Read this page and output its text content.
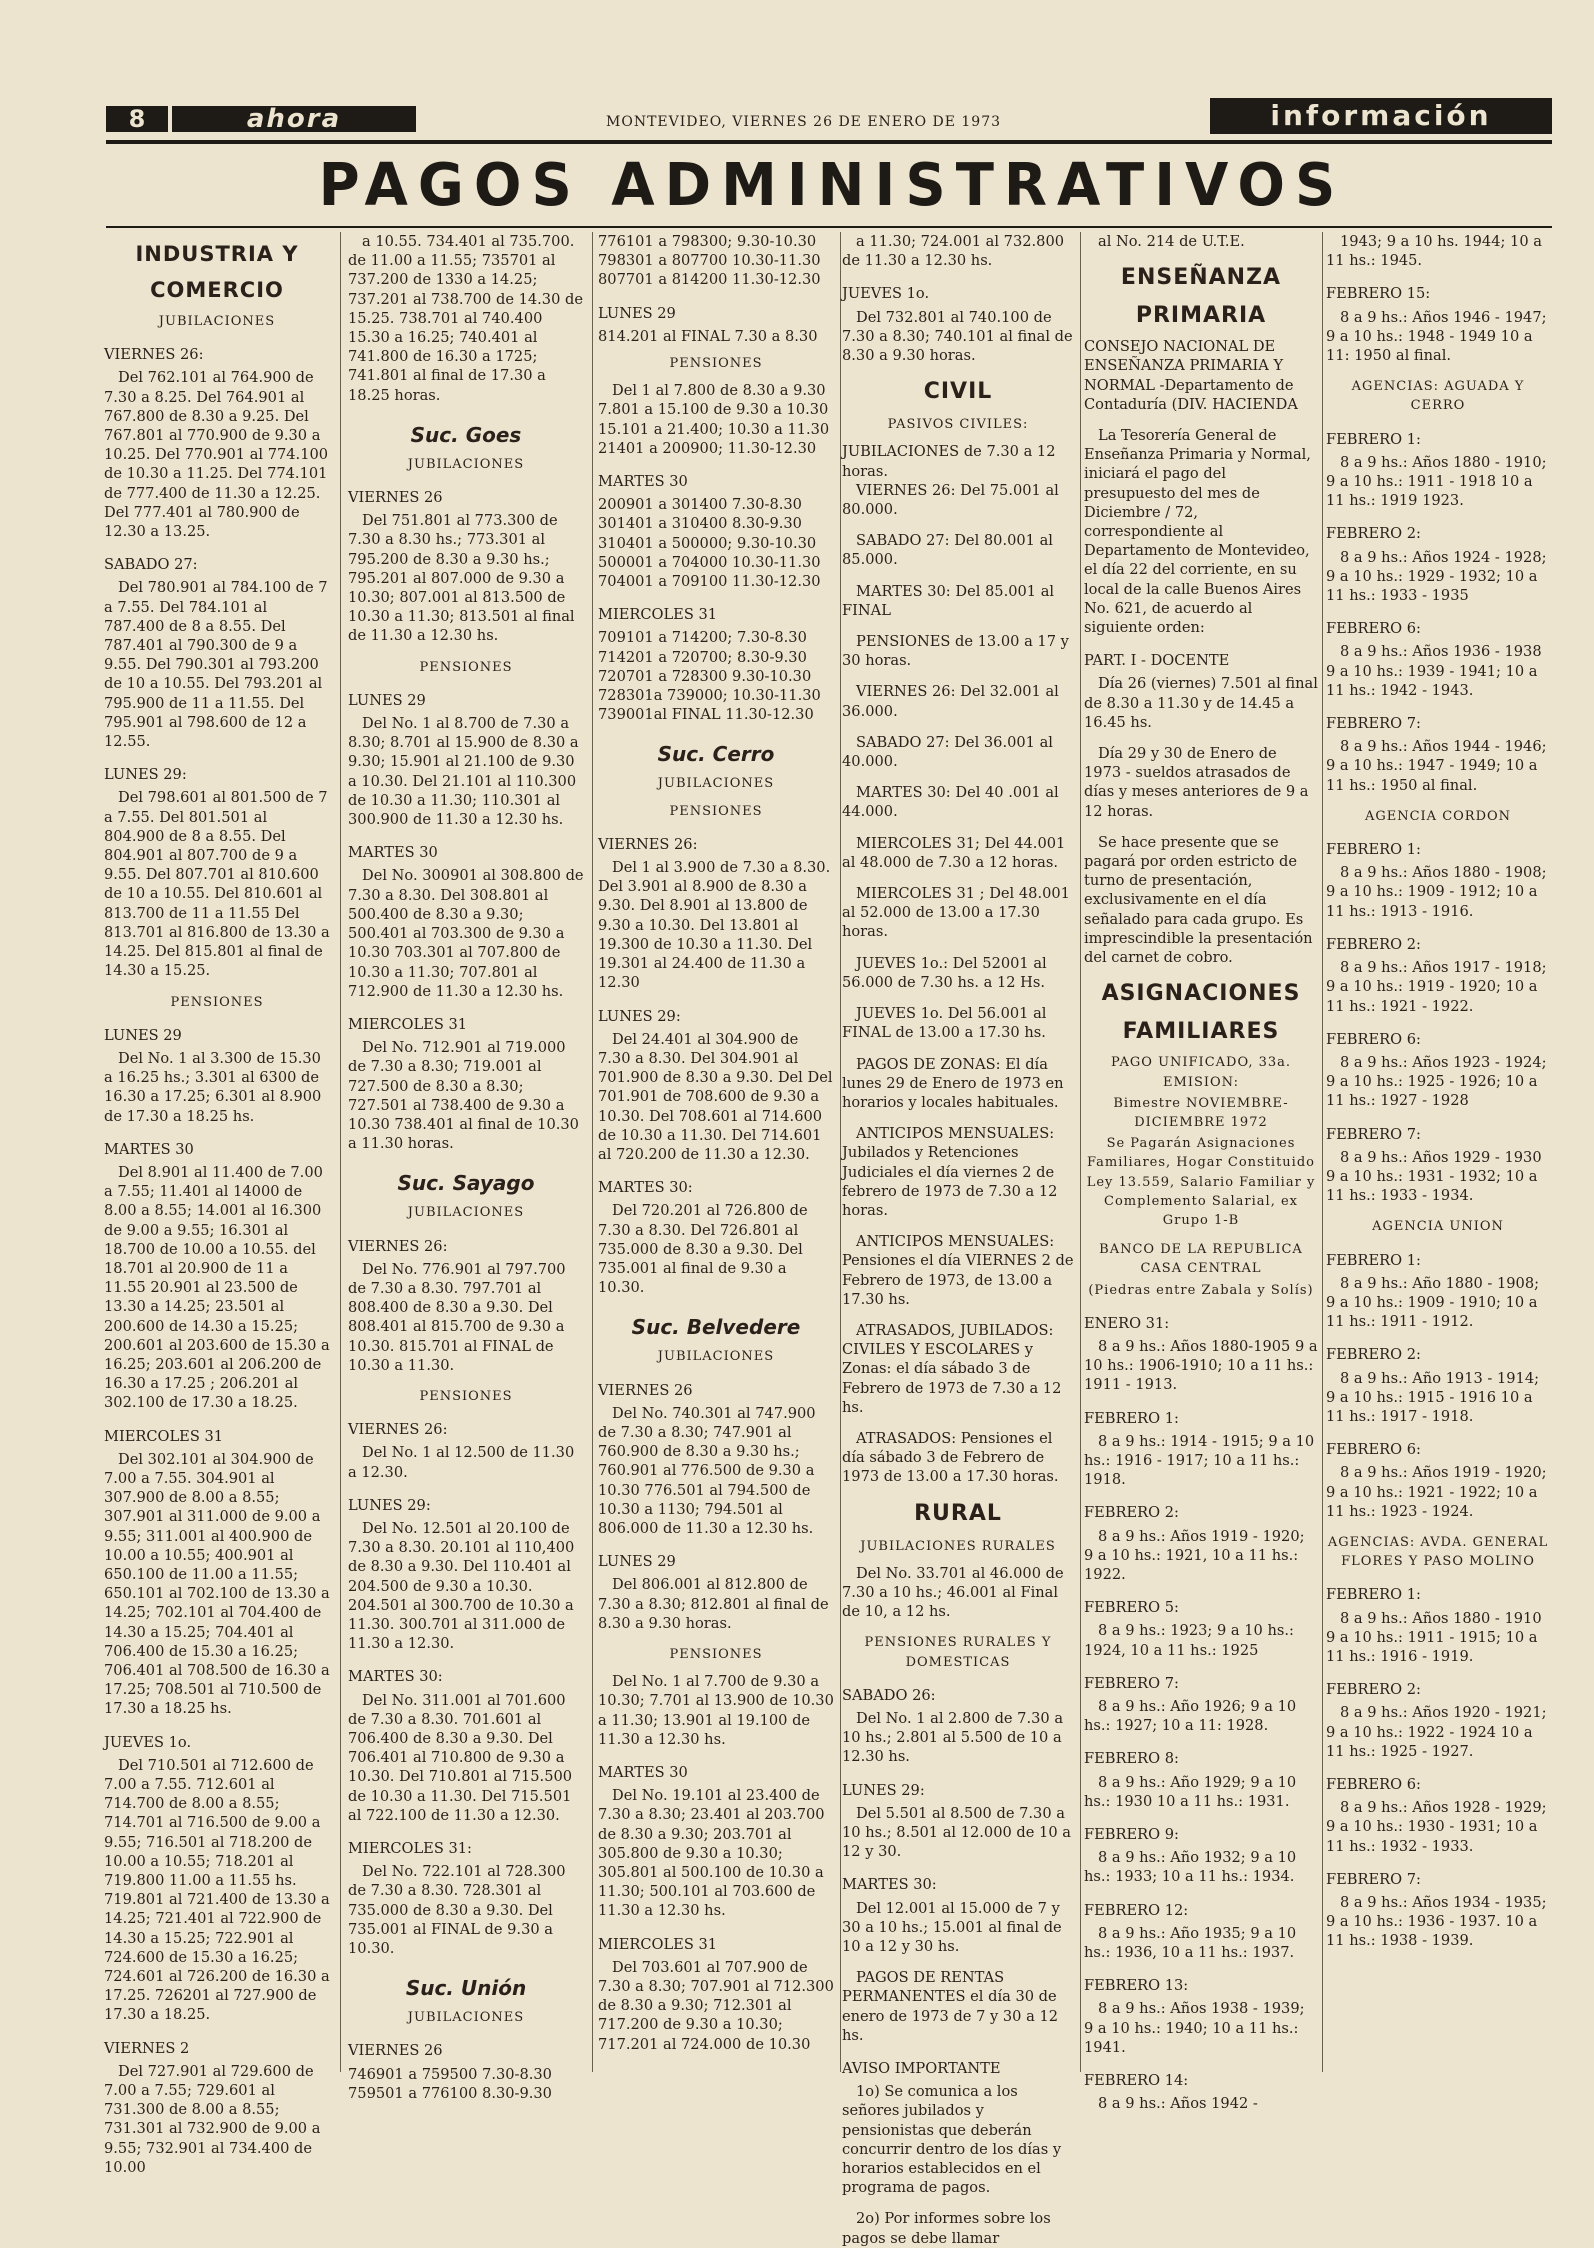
8	ahora	MONTEVIDEO, VIERNES 26 DE ENERO DE 1973	información
PAGOS ADMINISTRATIVOS

INDUSTRIA Y

COMERCIO

JUBILACIONES

VIERNES 26:

Del 762.101 al 764.900 de 7.30 a 8.25. Del 764.901 al 767.800 de 8.30 a 9.25. Del 767.801 al 770.900 de 9.30 a 10.25. Del 770.901 al 774.100 de 10.30 a 11.25. Del 774.101 de 777.400 de 11.30 a 12.25. Del 777.401 al 780.900 de 12.30 a 13.25.

SABADO 27:

Del 780.901 al 784.100 de 7 a 7.55. Del 784.101 al 787.400 de 8 a 8.55. Del 787.401 al 790.300 de 9 a 9.55. Del 790.301 al 793.200 de 10 a 10.55. Del 793.201 al 795.900 de 11 a 11.55. Del 795.901 al 798.600 de 12 a 12.55.

LUNES 29:

Del 798.601 al 801.500 de 7 a 7.55. Del 801.501 al 804.900 de 8 a 8.55. Del 804.901 al 807.700 de 9 a 9.55. Del 807.701 al 810.600 de 10 a 10.55. Del 810.601 al 813.700 de 11 a 11.55 Del 813.701 al 816.800 de 13.30 a 14.25. Del 815.801 al final de 14.30 a 15.25.

PENSIONES

LUNES 29

Del No. 1 al 3.300 de 15.30 a 16.25 hs.; 3.301 al 6300 de 16.30 a 17.25; 6.301 al 8.900 de 17.30 a 18.25 hs.

MARTES 30

Del 8.901 al 11.400 de 7.00 a 7.55; 11.401 al 14000 de 8.00 a 8.55; 14.001 al 16.300 de 9.00 a 9.55; 16.301 al 18.700 de 10.00 a 10.55. del 18.701 al 20.900 de 11 a 11.55 20.901 al 23.500 de 13.30 a 14.25; 23.501 al 200.600 de 14.30 a 15.25; 200.601 al 203.600 de 15.30 a 16.25; 203.601 al 206.200 de 16.30 a 17.25 ; 206.201 al 302.100 de 17.30 a 18.25.

MIERCOLES 31

Del 302.101 al 304.900 de 7.00 a 7.55. 304.901 al 307.900 de 8.00 a 8.55; 307.901 al 311.000 de 9.00 a 9.55; 311.001 al 400.900 de 10.00 a 10.55; 400.901 al 650.100 de 11.00 a 11.55; 650.101 al 702.100 de 13.30 a 14.25; 702.101 al 704.400 de 14.30 a 15.25; 704.401 al 706.400 de 15.30 a 16.25; 706.401 al 708.500 de 16.30 a 17.25; 708.501 al 710.500 de 17.30 a 18.25 hs.

JUEVES 1o.

Del 710.501 al 712.600 de 7.00 a 7.55. 712.601 al 714.700 de 8.00 a 8.55; 714.701 al 716.500 de 9.00 a 9.55; 716.501 al 718.200 de 10.00 a 10.55; 718.201 al 719.800 11.00 a 11.55 hs. 719.801 al 721.400 de 13.30 a 14.25; 721.401 al 722.900 de 14.30 a 15.25; 722.901 al 724.600 de 15.30 a 16.25; 724.601 al 726.200 de 16.30 a 17.25. 726201 al 727.900 de 17.30 a 18.25.

VIERNES 2

Del 727.901 al 729.600 de 7.00 a 7.55; 729.601 al 731.300 de 8.00 a 8.55; 731.301 al 732.900 de 9.00 a 9.55; 732.901 al 734.400 de 10.00

a 10.55. 734.401 al 735.700. de 11.00 a 11.55; 735701 al 737.200 de 1330 a 14.25; 737.201 al 738.700 de 14.30 de 15.25. 738.701 al 740.400 15.30 a 16.25; 740.401 al 741.800 de 16.30 a 1725; 741.801 al final de 17.30 a 18.25 horas.

Suc. Goes

JUBILACIONES

VIERNES 26

Del 751.801 al 773.300 de 7.30 a 8.30 hs.; 773.301 al 795.200 de 8.30 a 9.30 hs.; 795.201 al 807.000 de 9.30 a 10.30; 807.001 al 813.500 de 10.30 a 11.30; 813.501 al final de 11.30 a 12.30 hs.

PENSIONES

LUNES 29

Del No. 1 al 8.700 de 7.30 a 8.30; 8.701 al 15.900 de 8.30 a 9.30; 15.901 al 21.100 de 9.30 a 10.30. Del 21.101 al 110.300 de 10.30 a 11.30; 110.301 al 300.900 de 11.30 a 12.30 hs.

MARTES 30

Del No. 300901 al 308.800 de 7.30 a 8.30. Del 308.801 al 500.400 de 8.30 a 9.30; 500.401 al 703.300 de 9.30 a 10.30 703.301 al 707.800 de 10.30 a 11.30; 707.801 al 712.900 de 11.30 a 12.30 hs.

MIERCOLES 31

Del No. 712.901 al 719.000 de 7.30 a 8.30; 719.001 al 727.500 de 8.30 a 8.30; 727.501 al 738.400 de 9.30 a 10.30 738.401 al final de 10.30 a 11.30 horas.

Suc. Sayago

JUBILACIONES

VIERNES 26:

Del No. 776.901 al 797.700 de 7.30 a 8.30. 797.701 al 808.400 de 8.30 a 9.30. Del 808.401 al 815.700 de 9.30 a 10.30. 815.701 al FINAL de 10.30 a 11.30.

PENSIONES

VIERNES 26:

Del No. 1 al 12.500 de 11.30 a 12.30.

LUNES 29:

Del No. 12.501 al 20.100 de 7.30 a 8.30. 20.101 al 110,400 de 8.30 a 9.30. Del 110.401 al 204.500 de 9.30 a 10.30. 204.501 al 300.700 de 10.30 a 11.30. 300.701 al 311.000 de 11.30 a 12.30.

MARTES 30:

Del No. 311.001 al 701.600 de 7.30 a 8.30. 701.601 al 706.400 de 8.30 a 9.30. Del 706.401 al 710.800 de 9.30 a 10.30. Del 710.801 al 715.500 de 10.30 a 11.30. Del 715.501 al 722.100 de 11.30 a 12.30.

MIERCOLES 31:

Del No. 722.101 al 728.300 de 7.30 a 8.30. 728.301 al 735.000 de 8.30 a 9.30. Del 735.001 al FINAL de 9.30 a 10.30.

Suc. Unión

JUBILACIONES

VIERNES 26

746901 a 759500 7.30-8.30

759501 a 776100 8.30-9.30

776101 a 798300; 9.30-10.30

798301 a 807700 10.30-11.30

807701 a 814200 11.30-12.30

LUNES 29

814.201 al FINAL 7.30 a 8.30

PENSIONES

Del 1 al 7.800 de 8.30 a 9.30 7.801 a 15.100 de 9.30 a 10.30 15.101 a 21.400; 10.30 a 11.30 21401 a 200900; 11.30-12.30

MARTES 30

200901 a 301400 7.30-8.30

301401 a 310400 8.30-9.30

310401 a 500000; 9.30-10.30

500001 a 704000 10.30-11.30

704001 a 709100 11.30-12.30

MIERCOLES 31

709101 a 714200; 7.30-8.30

714201 a 720700; 8.30-9.30

720701 a 728300 9.30-10.30

728301a 739000; 10.30-11.30

739001al FINAL 11.30-12.30

Suc. Cerro

JUBILACIONES

PENSIONES

VIERNES 26:

Del 1 al 3.900 de 7.30 a 8.30. Del 3.901 al 8.900 de 8.30 a 9.30. Del 8.901 al 13.800 de 9.30 a 10.30. Del 13.801 al 19.300 de 10.30 a 11.30. Del 19.301 al 24.400 de 11.30 a 12.30

LUNES 29:

Del 24.401 al 304.900 de 7.30 a 8.30. Del 304.901 al 701.900 de 8.30 a 9.30. Del Del 701.901 de 708.600 de 9.30 a 10.30. Del 708.601 al 714.600 de 10.30 a 11.30. Del 714.601 al 720.200 de 11.30 a 12.30.

MARTES 30:

Del 720.201 al 726.800 de 7.30 a 8.30. Del 726.801 al 735.000 de 8.30 a 9.30. Del 735.001 al final de 9.30 a 10.30.

Suc. Belvedere

JUBILACIONES

VIERNES 26

Del No. 740.301 al 747.900 de 7.30 a 8.30; 747.901 al 760.900 de 8.30 a 9.30 hs.; 760.901 al 776.500 de 9.30 a 10.30 776.501 al 794.500 de 10.30 a 1130; 794.501 al 806.000 de 11.30 a 12.30 hs.

LUNES 29

Del 806.001 al 812.800 de 7.30 a 8.30; 812.801 al final de 8.30 a 9.30 horas.

PENSIONES

Del No. 1 al 7.700 de 9.30 a 10.30; 7.701 al 13.900 de 10.30 a 11.30; 13.901 al 19.100 de 11.30 a 12.30 hs.

MARTES 30

Del No. 19.101 al 23.400 de 7.30 a 8.30; 23.401 al 203.700 de 8.30 a 9.30; 203.701 al 305.800 de 9.30 a 10.30; 305.801 al 500.100 de 10.30 a 11.30; 500.101 al 703.600 de 11.30 a 12.30 hs.

MIERCOLES 31

Del 703.601 al 707.900 de 7.30 a 8.30; 707.901 al 712.300 de 8.30 a 9.30; 712.301 al 717.200 de 9.30 a 10.30; 717.201 al 724.000 de 10.30

a 11.30; 724.001 al 732.800 de 11.30 a 12.30 hs.

JUEVES 1o.

Del 732.801 al 740.100 de 7.30 a 8.30; 740.101 al final de 8.30 a 9.30 horas.

CIVIL

PASIVOS CIVILES:

JUBILACIONES de 7.30 a 12 horas.

VIERNES 26: Del 75.001 al 80.000.

SABADO 27: Del 80.001 al 85.000.

MARTES 30: Del 85.001 al FINAL

PENSIONES de 13.00 a 17 y 30 horas.

VIERNES 26: Del 32.001 al 36.000.

SABADO 27: Del 36.001 al 40.000.

MARTES 30: Del 40 .001 al 44.000.

MIERCOLES 31; Del 44.001 al 48.000 de 7.30 a 12 horas.

MIERCOLES 31 ; Del 48.001 al 52.000 de 13.00 a 17.30 horas.

JUEVES 1o.: Del 52001 al 56.000 de 7.30 hs. a 12 Hs.

JUEVES 1o. Del 56.001 al FINAL de 13.00 a 17.30 hs.

PAGOS DE ZONAS: El día lunes 29 de Enero de 1973 en horarios y locales habituales.

ANTICIPOS MENSUALES: Jubilados y Retenciones Judiciales el día viernes 2 de febrero de 1973 de 7.30 a 12 horas.

ANTICIPOS MENSUALES: Pensiones el día VIERNES 2 de Febrero de 1973, de 13.00 a 17.30 hs.

ATRASADOS, JUBILADOS: CIVILES Y ESCOLARES y Zonas: el día sábado 3 de Febrero de 1973 de 7.30 a 12 hs.

ATRASADOS: Pensiones el día sábado 3 de Febrero de 1973 de 13.00 a 17.30 horas.

RURAL

JUBILACIONES RURALES

Del No. 33.701 al 46.000 de 7.30 a 10 hs.; 46.001 al Final de 10, a 12 hs.

PENSIONES RURALES Y DOMESTICAS

SABADO 26:

Del No. 1 al 2.800 de 7.30 a 10 hs.; 2.801 al 5.500 de 10 a 12.30 hs.

LUNES 29:

Del 5.501 al 8.500 de 7.30 a 10 hs.; 8.501 al 12.000 de 10 a 12 y 30.

MARTES 30:

Del 12.001 al 15.000 de 7 y 30 a 10 hs.; 15.001 al final de 10 a 12 y 30 hs.

PAGOS DE RENTAS PERMANENTES el día 30 de enero de 1973 de 7 y 30 a 12 hs.

AVISO IMPORTANTE

1o) Se comunica a los señores jubilados y pensionistas que deberán concurrir dentro de los días y horarios establecidos en el programa de pagos.

2o) Por informes sobre los pagos se debe llamar

al No. 214 de U.T.E.

ENSEÑANZA

PRIMARIA

CONSEJO NACIONAL DE ENSEÑANZA PRIMARIA Y NORMAL -Departamento de Contaduría (DIV. HACIENDA

La Tesorería General de Enseñanza Primaria y Normal, iniciará el pago del presupuesto del mes de Diciembre / 72, correspondiente al Departamento de Montevideo, el día 22 del corriente, en su local de la calle Buenos Aires No. 621, de acuerdo al siguiente orden:

PART. I - DOCENTE

Día 26 (viernes) 7.501 al final de 8.30 a 11.30 y de 14.45 a 16.45 hs.

Día 29 y 30 de Enero de 1973 - sueldos atrasados de días y meses anteriores de 9 a 12 horas.

Se hace presente que se pagará por orden estricto de turno de presentación, exclusivamente en el día señalado para cada grupo. Es imprescindible la presentación del carnet de cobro.

ASIGNACIONES

FAMILIARES

PAGO UNIFICADO, 33a. EMISION:

Bimestre NOVIEMBRE-DICIEMBRE 1972

Se Pagarán Asignaciones Familiares, Hogar Constituido Ley 13.559, Salario Familiar y Complemento Salarial, ex Grupo 1-B

BANCO DE LA REPUBLICA CASA CENTRAL

(Piedras entre Zabala y Solís)

ENERO 31:

8 a 9 hs.: Años 1880-1905 9 a 10 hs.: 1906-1910; 10 a 11 hs.: 1911 - 1913.

FEBRERO 1:

8 a 9 hs.: 1914 - 1915; 9 a 10 hs.: 1916 - 1917; 10 a 11 hs.: 1918.

FEBRERO 2:

8 a 9 hs.: Años 1919 - 1920; 9 a 10 hs.: 1921, 10 a 11 hs.: 1922.

FEBRERO 5:

8 a 9 hs.: 1923; 9 a 10 hs.: 1924, 10 a 11 hs.: 1925

FEBRERO 7:

8 a 9 hs.: Año 1926; 9 a 10 hs.: 1927; 10 a 11: 1928.

FEBRERO 8:

8 a 9 hs.: Año 1929; 9 a 10 hs.: 1930 10 a 11 hs.: 1931.

FEBRERO 9:

8 a 9 hs.: Año 1932; 9 a 10 hs.: 1933; 10 a 11 hs.: 1934.

FEBRERO 12:

8 a 9 hs.: Año 1935; 9 a 10 hs.: 1936, 10 a 11 hs.: 1937.

FEBRERO 13:

8 a 9 hs.: Años 1938 - 1939; 9 a 10 hs.: 1940; 10 a 11 hs.: 1941.

FEBRERO 14:

8 a 9 hs.: Años 1942 -

1943; 9 a 10 hs. 1944; 10 a 11 hs.: 1945.

FEBRERO 15:

8 a 9 hs.: Años 1946 - 1947; 9 a 10 hs.: 1948 - 1949 10 a 11: 1950 al final.

AGENCIAS: AGUADA Y CERRO

FEBRERO 1:

8 a 9 hs.: Años 1880 - 1910; 9 a 10 hs.: 1911 - 1918 10 a 11 hs.: 1919 1923.

FEBRERO 2:

8 a 9 hs.: Años 1924 - 1928; 9 a 10 hs.: 1929 - 1932; 10 a 11 hs.: 1933 - 1935

FEBRERO 6:

8 a 9 hs.: Años 1936 - 1938 9 a 10 hs.: 1939 - 1941; 10 a 11 hs.: 1942 - 1943.

FEBRERO 7:

8 a 9 hs.: Años 1944 - 1946; 9 a 10 hs.: 1947 - 1949; 10 a 11 hs.: 1950 al final.

AGENCIA CORDON

FEBRERO 1:

8 a 9 hs.: Años 1880 - 1908; 9 a 10 hs.: 1909 - 1912; 10 a 11 hs.: 1913 - 1916.

FEBRERO 2:

8 a 9 hs.: Años 1917 - 1918; 9 a 10 hs.: 1919 - 1920; 10 a 11 hs.: 1921 - 1922.

FEBRERO 6:

8 a 9 hs.: Años 1923 - 1924; 9 a 10 hs.: 1925 - 1926; 10 a 11 hs.: 1927 - 1928

FEBRERO 7:

8 a 9 hs.: Años 1929 - 1930 9 a 10 hs.: 1931 - 1932; 10 a 11 hs.: 1933 - 1934.

AGENCIA UNION

FEBRERO 1:

8 a 9 hs.: Año 1880 - 1908; 9 a 10 hs.: 1909 - 1910; 10 a 11 hs.: 1911 - 1912.

FEBRERO 2:

8 a 9 hs.: Año 1913 - 1914; 9 a 10 hs.: 1915 - 1916 10 a 11 hs.: 1917 - 1918.

FEBRERO 6:

8 a 9 hs.: Años 1919 - 1920; 9 a 10 hs.: 1921 - 1922; 10 a 11 hs.: 1923 - 1924.

AGENCIAS: AVDA. GENERAL FLORES Y PASO MOLINO

FEBRERO 1:

8 a 9 hs.: Años 1880 - 1910 9 a 10 hs.: 1911 - 1915; 10 a 11 hs.: 1916 - 1919.

FEBRERO 2:

8 a 9 hs.: Años 1920 - 1921; 9 a 10 hs.: 1922 - 1924 10 a 11 hs.: 1925 - 1927.

FEBRERO 6:

8 a 9 hs.: Años 1928 - 1929; 9 a 10 hs.: 1930 - 1931; 10 a 11 hs.: 1932 - 1933.

FEBRERO 7:

8 a 9 hs.: Años 1934 - 1935; 9 a 10 hs.: 1936 - 1937. 10 a 11 hs.: 1938 - 1939.
